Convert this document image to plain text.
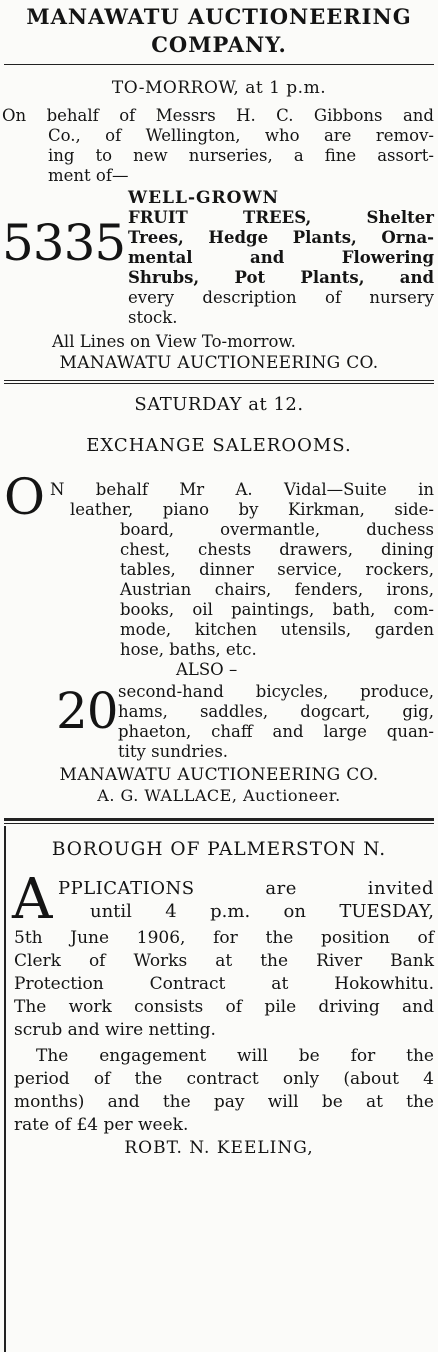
MANAWATU AUCTIONEERING
COMPANY.
TO-MORROW, at 1 p.m.
On behalf of Messrs H. C. Gibbons and
Co., of Wellington, who are remov-
ing to new nurseries, a fine assort-
ment of—
5335
WELL-GROWN
FRUIT TREES, Shelter
Trees, Hedge Plants, Orna-
mental and Flowering
Shrubs, Pot Plants, and
every description of nursery
stock.
All Lines on View To-morrow.
MANAWATU AUCTIONEERING CO.
SATURDAY at 12.
EXCHANGE SALEROOMS.
O N behalf Mr A. Vidal—Suite in
leather, piano by Kirkman, side-
board, overmantle, duchess
chest, chests drawers, dining
tables, dinner service, rockers,
Austrian chairs, fenders, irons,
books, oil paintings, bath, com-
mode, kitchen utensils, garden
hose, baths, etc.
ALSO –
20 second-hand bicycles, produce,
hams, saddles, dogcart, gig,
phaeton, chaff and large quan-
tity sundries.
MANAWATU AUCTIONEERING CO.
A. G. WALLACE, Auctioneer.
BOROUGH OF PALMERSTON N.
A PPLICATIONS are invited
until 4 p.m. on TUESDAY,
5th June 1906, for the position of
Clerk of Works at the River Bank
Protection Contract at Hokowhitu.
The work consists of pile driving and
scrub and wire netting.
The engagement will be for the
period of the contract only (about 4
months) and the pay will be at the
rate of £4 per week.
ROBT. N. KEELING,
